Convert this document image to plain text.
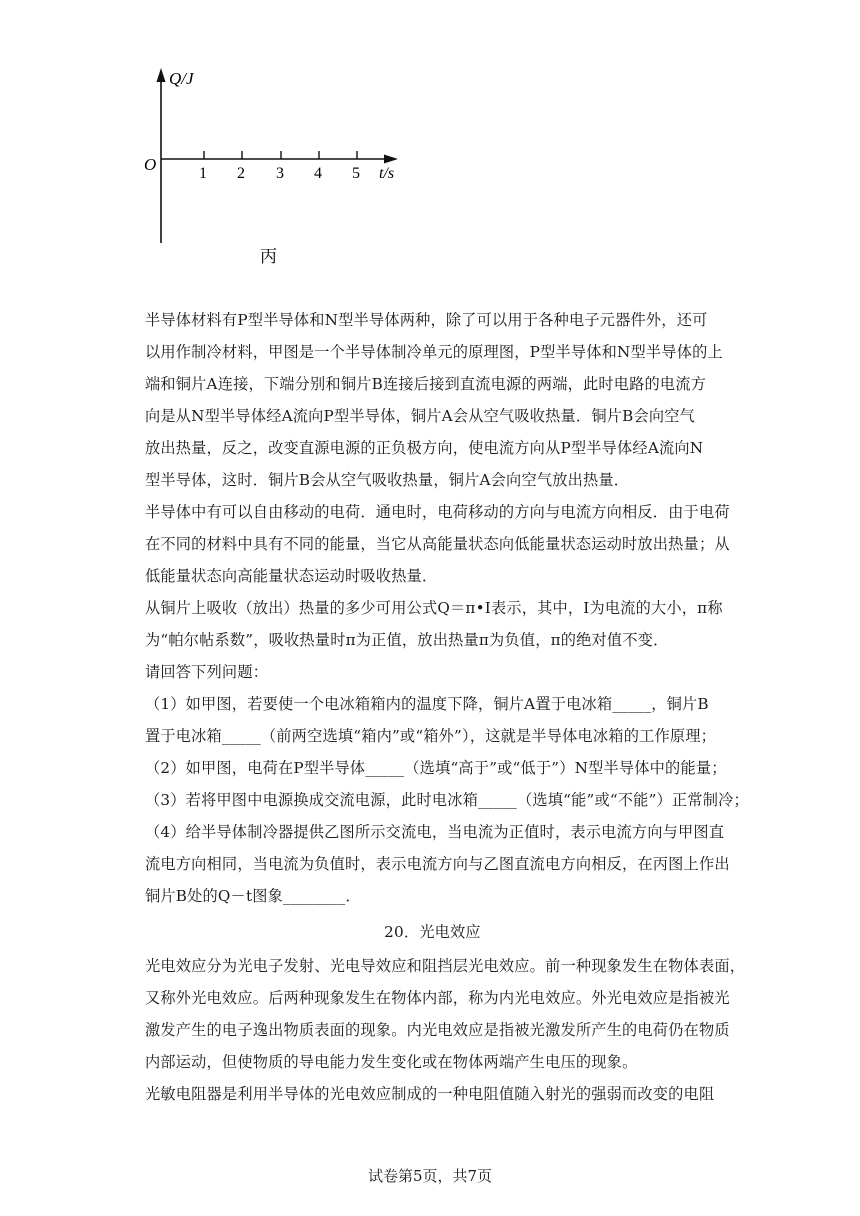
Q/J
O	1 2 3 4 5 t/s
丙

半导体材料有P型半导体和N型半导体两种，除了可以用于各种电子元器件外，还可

以用作制冷材料，甲图是一个半导体制冷单元的原理图，P型半导体和N型半导体的上

端和铜片A连接，下端分别和铜片B连接后接到直流电源的两端，此时电路的电流方

向是从N型半导体经A流向P型半导体，铜片A会从空气吸收热量．铜片B会向空气

放出热量，反之，改变直源电源的正负极方向，使电流方向从P型半导体经A流向N

型半导体，这时．铜片B会从空气吸收热量，铜片A会向空气放出热量．

半导体中有可以自由移动的电荷．通电时，电荷移动的方向与电流方向相反．由于电荷

在不同的材料中具有不同的能量，当它从高能量状态向低能量状态运动时放出热量；从

低能量状态向高能量状态运动时吸收热量．

从铜片上吸收（放出）热量的多少可用公式Q＝π•I表示，其中，I为电流的大小，π称

为“帕尔帖系数”，吸收热量时π为正值，放出热量π为负值，π的绝对值不变．

请回答下列问题：

（1）如甲图，若要使一个电冰箱箱内的温度下降，铜片A置于电冰箱_____，铜片B

置于电冰箱_____（前两空选填“箱内”或“箱外”），这就是半导体电冰箱的工作原理；

（2）如甲图，电荷在P型半导体_____（选填“高于”或“低于”）N型半导体中的能量；

（3）若将甲图中电源换成交流电源，此时电冰箱_____（选填“能”或“不能”）正常制冷；

（4）给半导体制冷器提供乙图所示交流电，当电流为正值时，表示电流方向与甲图直

流电方向相同，当电流为负值时，表示电流方向与乙图直流电方向相反，在丙图上作出

铜片B处的Q－t图象________．

20．光电效应

光电效应分为光电子发射、光电导效应和阻挡层光电效应。前一种现象发生在物体表面，

又称外光电效应。后两种现象发生在物体内部，称为内光电效应。外光电效应是指被光

激发产生的电子逸出物质表面的现象。内光电效应是指被光激发所产生的电荷仍在物质

内部运动，但使物质的导电能力发生变化或在物体两端产生电压的现象。

光敏电阻器是利用半导体的光电效应制成的一种电阻值随入射光的强弱而改变的电阻

试卷第5页，共7页
